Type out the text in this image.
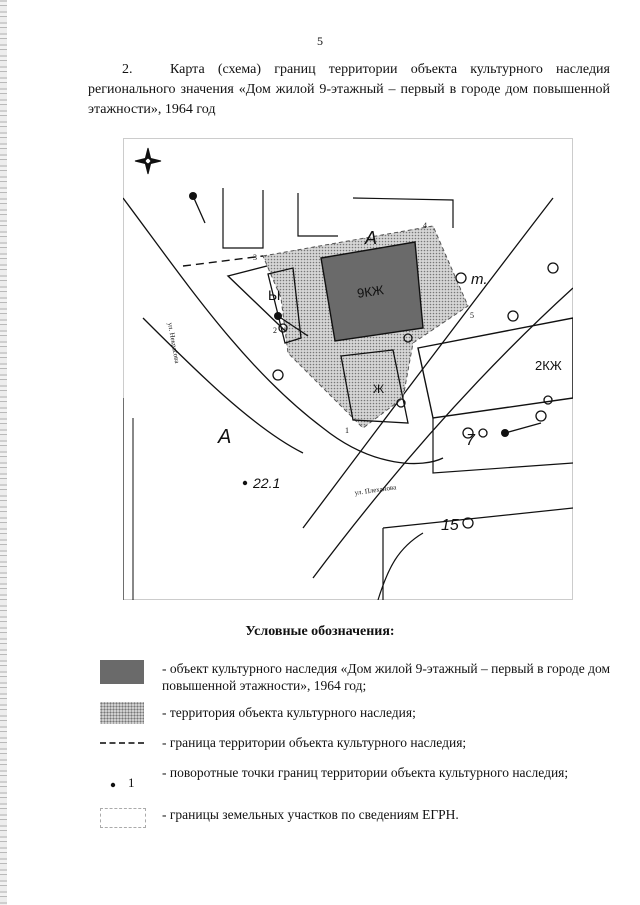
5

2.	Карта (схема) границ территории объекта культурного наследия регионального значения «Дом жилой 9-этажный – первый в городе дом повышенной этажности», 1964 год

9КЖ
А
А
2КЖ
22.1
7
15
т.
Ы
Ж
ул. Некрасова
ул. Плеханова
1
2
3
4
5
Условные обозначения:
- объект культурного наследия «Дом жилой 9-этажный – первый в городе дом повышенной этажности», 1964 год;
- территория объекта культурного наследия;
- граница территории объекта культурного наследия;
1
- поворотные точки границ территории объекта культурного наследия;
- границы земельных участков по сведениям ЕГРН.
